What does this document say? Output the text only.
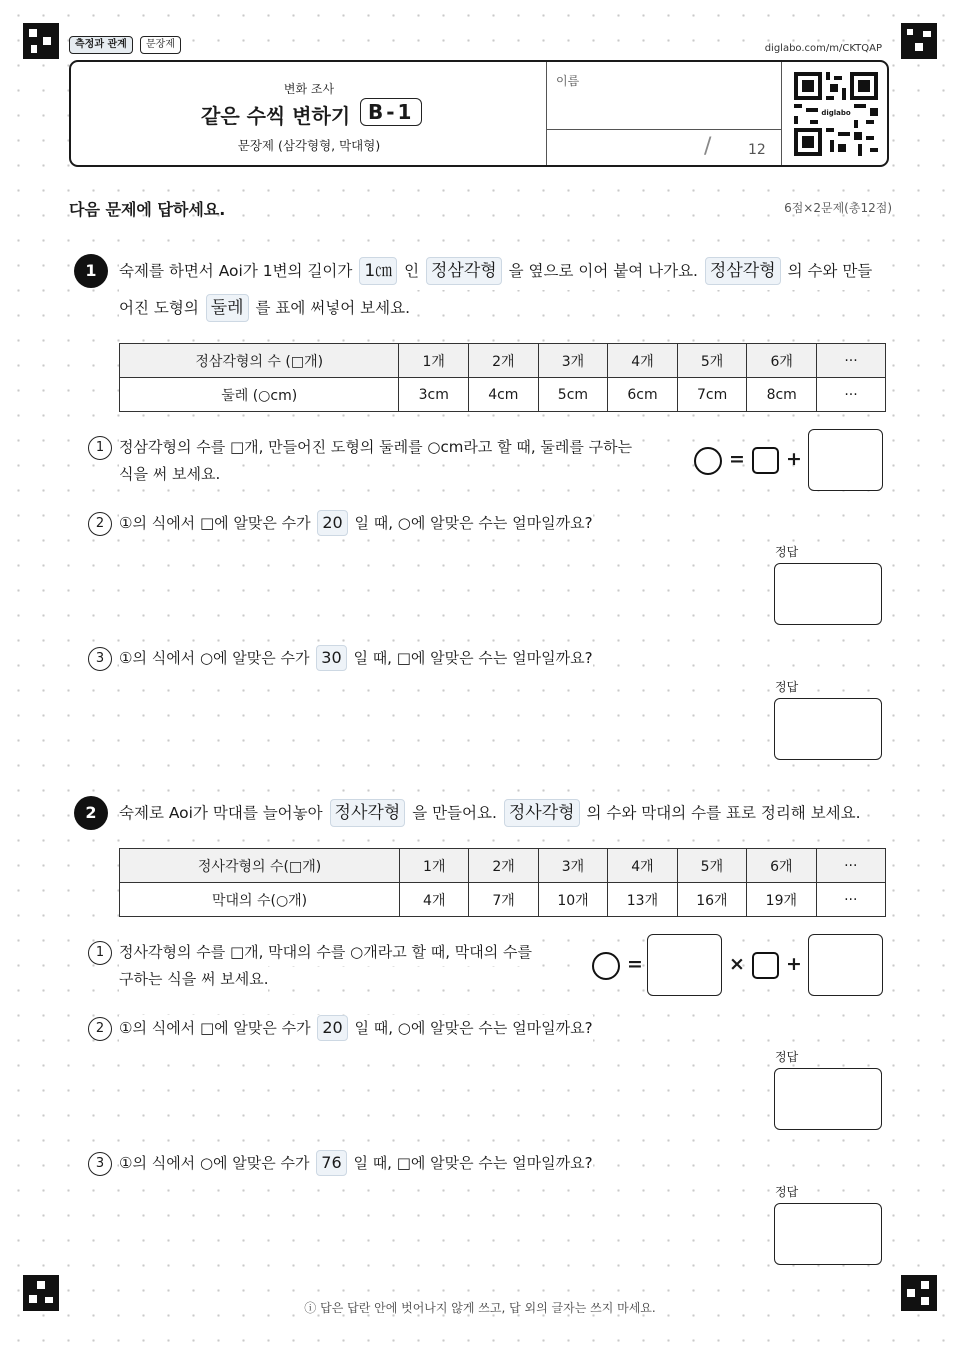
측정과 관계	문장제	diglabo.com/m/CKTQAP
변화 조사
같은 수씩 변하기 B-1
문장제 (삼각형형, 막대형)
이름
/	12
diglabo
다음 문제에 답하세요.	6점×2문제(총12점)
1	숙제를 하면서 Aoi가 1변의 길이가 1㎝ 인 정삼각형 을 옆으로 이어 붙여 나가요. 정삼각형 의 수와 만들
어진 도형의 둘레 를 표에 써넣어 보세요.
정삼각형의 수 (□개)	1개	2개	3개	4개	5개	6개	···
둘레 (○cm)	3cm	4cm	5cm	6cm	7cm	8cm	···
1 정삼각형의 수를 □개, 만들어진 도형의 둘레를 ○cm라고 할 때, 둘레를 구하는
식을 써 보세요.
= +
2 ①의 식에서 □에 알맞은 수가 20 일 때, ○에 알맞은 수는 얼마일까요?
정답
3 ①의 식에서 ○에 알맞은 수가 30 일 때, □에 알맞은 수는 얼마일까요?
정답
2	숙제로 Aoi가 막대를 늘어놓아 정사각형 을 만들어요. 정사각형 의 수와 막대의 수를 표로 정리해 보세요.
정사각형의 수(□개)	1개	2개	3개	4개	5개	6개	···
막대의 수(○개)	4개	7개	10개	13개	16개	19개	···
1 정사각형의 수를 □개, 막대의 수를 ○개라고 할 때, 막대의 수를
구하는 식을 써 보세요.
=	× +
2 ①의 식에서 □에 알맞은 수가 20 일 때, ○에 알맞은 수는 얼마일까요?
정답
3 ①의 식에서 ○에 알맞은 수가 76 일 때, □에 알맞은 수는 얼마일까요?
정답
ⓘ 답은 답란 안에 벗어나지 않게 쓰고, 답 외의 글자는 쓰지 마세요.
